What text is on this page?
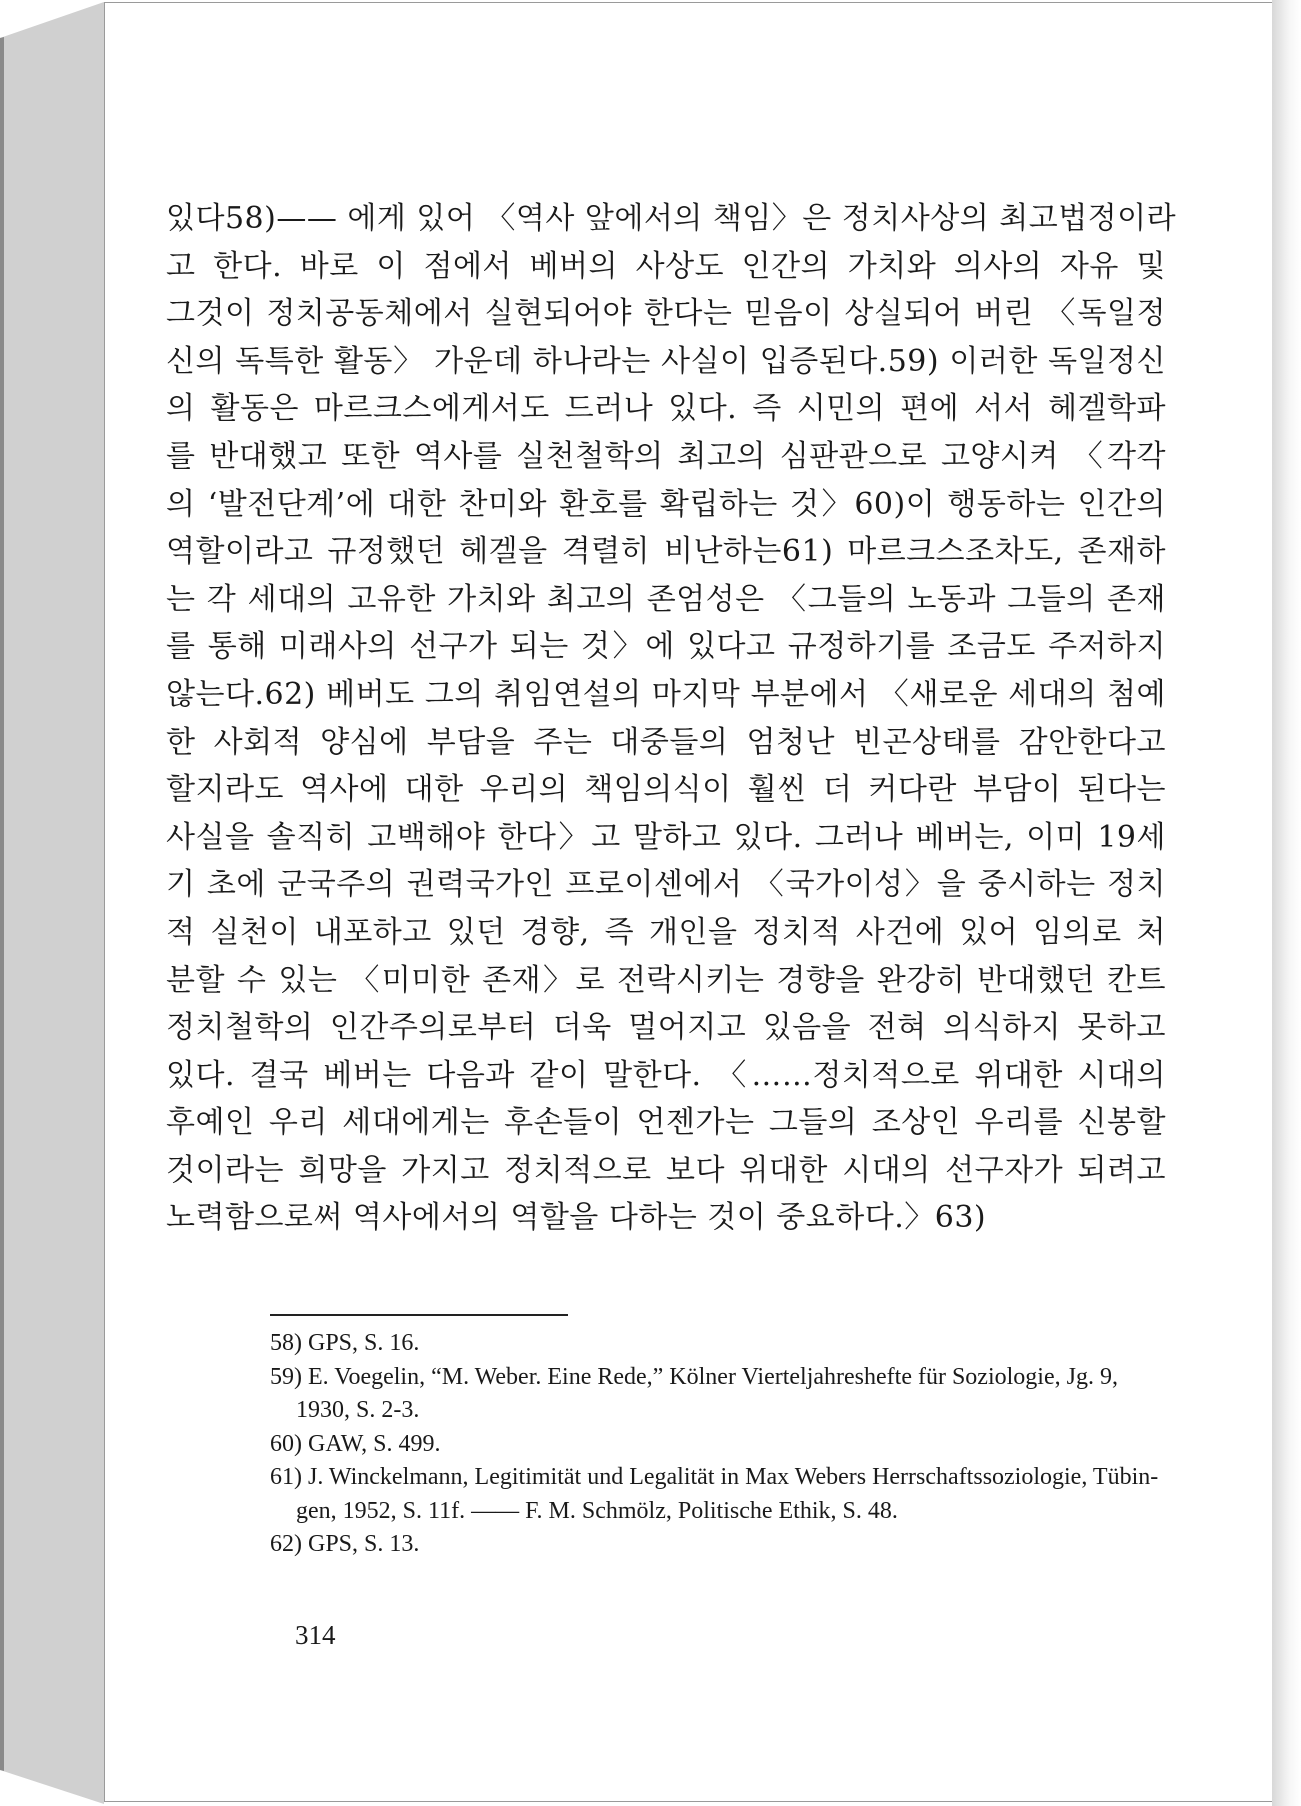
있다58)—— 에게 있어 〈역사 앞에서의 책임〉은 정치사상의 최고법정이라
고 한다. 바로 이 점에서 베버의 사상도 인간의 가치와 의사의 자유 및
그것이 정치공동체에서 실현되어야 한다는 믿음이 상실되어 버린 〈독일정
신의 독특한 활동〉 가운데 하나라는 사실이 입증된다.59) 이러한 독일정신
의 활동은 마르크스에게서도 드러나 있다. 즉 시민의 편에 서서 헤겔학파
를 반대했고 또한 역사를 실천철학의 최고의 심판관으로 고양시켜 〈각각
의 ‘발전단계’에 대한 찬미와 환호를 확립하는 것〉60)이 행동하는 인간의
역할이라고 규정했던 헤겔을 격렬히 비난하는61) 마르크스조차도, 존재하
는 각 세대의 고유한 가치와 최고의 존엄성은 〈그들의 노동과 그들의 존재
를 통해 미래사의 선구가 되는 것〉에 있다고 규정하기를 조금도 주저하지
않는다.62) 베버도 그의 취임연설의 마지막 부분에서 〈새로운 세대의 첨예
한 사회적 양심에 부담을 주는 대중들의 엄청난 빈곤상태를 감안한다고
할지라도 역사에 대한 우리의 책임의식이 훨씬 더 커다란 부담이 된다는
사실을 솔직히 고백해야 한다〉고 말하고 있다. 그러나 베버는, 이미 19세
기 초에 군국주의 권력국가인 프로이센에서 〈국가이성〉을 중시하는 정치
적 실천이 내포하고 있던 경향, 즉 개인을 정치적 사건에 있어 임의로 처
분할 수 있는 〈미미한 존재〉로 전락시키는 경향을 완강히 반대했던 칸트
정치철학의 인간주의로부터 더욱 멀어지고 있음을 전혀 의식하지 못하고
있다. 결국 베버는 다음과 같이 말한다. 〈……정치적으로 위대한 시대의
후예인 우리 세대에게는 후손들이 언젠가는 그들의 조상인 우리를 신봉할
것이라는 희망을 가지고 정치적으로 보다 위대한 시대의 선구자가 되려고
노력함으로써 역사에서의 역할을 다하는 것이 중요하다.〉63)
58) GPS, S. 16.
59) E. Voegelin, “M. Weber. Eine Rede,” Kölner Vierteljahreshefte für Soziologie, Jg. 9,
1930, S. 2-3.
60) GAW, S. 499.
61) J. Winckelmann, Legitimität und Legalität in Max Webers Herrschaftssoziologie, Tübin-
gen, 1952, S. 11f. —— F. M. Schmölz, Politische Ethik, S. 48.
62) GPS, S. 13.
314
